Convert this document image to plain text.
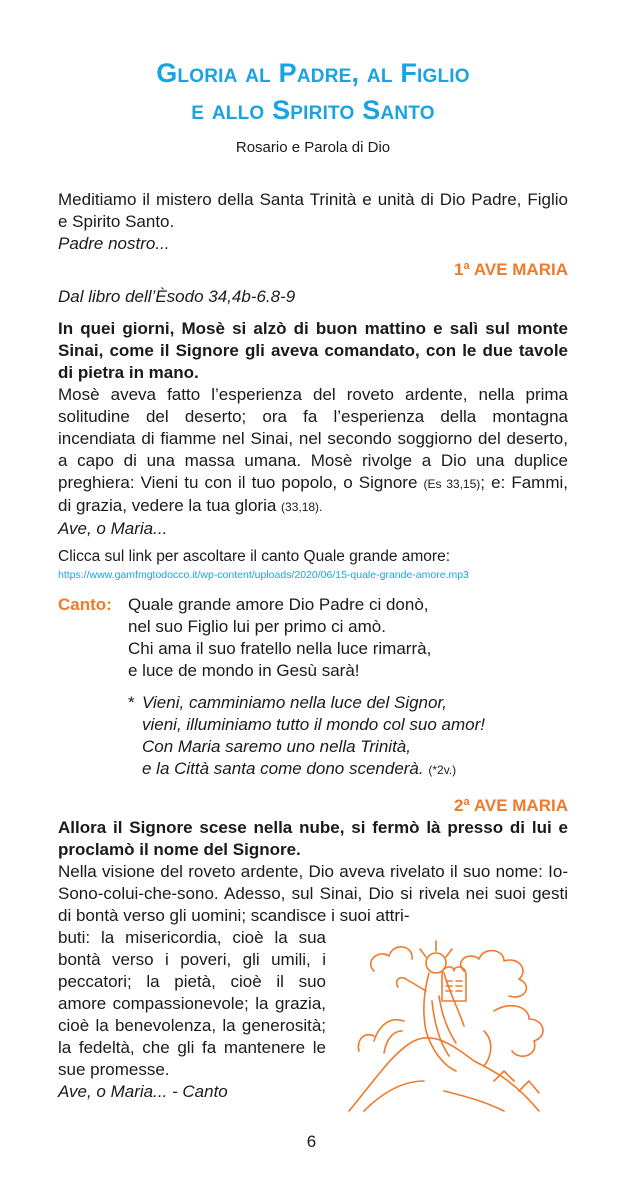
Gloria al Padre, al Figlio
e allo Spirito Santo
Rosario e Parola di Dio

Meditiamo il mistero della Santa Trinità e unità di Dio Padre, Figlio e Spirito Santo.

Padre nostro...

1ª AVE MARIA

Dal libro dell’Èsodo 34,4b-6.8-9

In quei giorni, Mosè si alzò di buon mattino e salì sul monte Sinai, come il Signore gli aveva comandato, con le due tavole di pietra in mano.

Mosè aveva fatto l’esperienza del roveto ardente, nella prima solitudine del deserto; ora fa l’esperienza della montagna incendiata di fiamme nel Sinai, nel secondo soggiorno del deserto, a capo di una massa umana. Mosè rivolge a Dio una duplice preghiera: Vieni tu con il tuo popolo, o Signore (Es 33,15); e: Fammi, di grazia, vedere la tua gloria (33,18).

Ave, o Maria...

Clicca sul link per ascoltare il canto Quale grande amore:

https://www.gamfmgtodocco.it/wp-content/uploads/2020/06/15-quale-grande-amore.mp3
Canto: Quale grande amore Dio Padre ci donò,
nel suo Figlio lui per primo ci amò.
Chi ama il suo fratello nella luce rimarrà,
e luce de mondo in Gesù sarà!
* Vieni, camminiamo nella luce del Signor,
vieni, illuminiamo tutto il mondo col suo amor!
Con Maria saremo uno nella Trinità,
e la Città santa come dono scenderà. (*2v.)
2ª AVE MARIA

Allora il Signore scese nella nube, si fermò là presso di lui e proclamò il nome del Signore.

Nella visione del roveto ardente, Dio aveva rivelato il suo nome: Io-Sono-colui-che-sono. Adesso, sul Sinai, Dio si rivela nei suoi gesti di bontà verso gli uomini; scandisce i suoi attri-

buti: la misericordia, cioè la sua bontà verso i poveri, gli umili, i peccatori; la pietà, cioè il suo amore compassionevole; la grazia, cioè la benevolenza, la generosità; la fedeltà, che gli fa mantenere le sue promesse.

Ave, o Maria... - Canto

6
